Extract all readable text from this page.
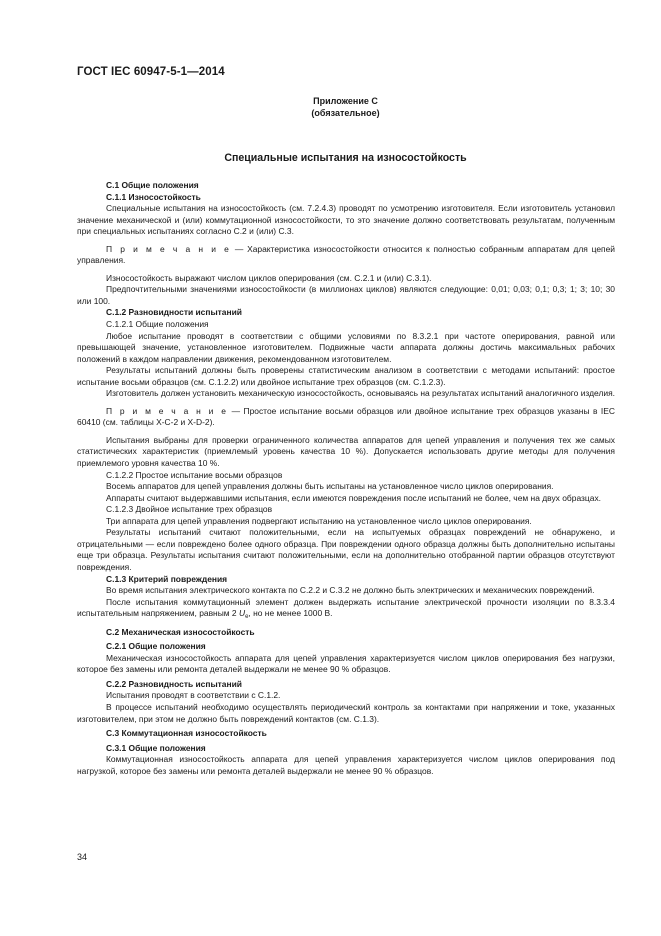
ГОСТ IEC 60947-5-1—2014
Приложение С
(обязательное)
Специальные испытания на износостойкость
С.1 Общие положения
С.1.1 Износостойкость

Специальные испытания на износостойкость (см. 7.2.4.3) проводят по усмотрению изготовителя. Если изготовитель установил значение механической и (или) коммутационной износостойкости, то это значение должно соответствовать результатам, полученным при специальных испытаниях согласно С.2 и (или) С.3.

П р и м е ч а н и е — Характеристика износостойкости относится к полностью собранным аппаратам для цепей управления.

Износостойкость выражают числом циклов оперирования (см. С.2.1 и (или) С.3.1).

Предпочтительными значениями износостойкости (в миллионах циклов) являются следующие: 0,01; 0,03; 0,1; 0,3; 1; 3; 10; 30 или 100.

С.1.2 Разновидности испытаний
С.1.2.1 Общие положения

Любое испытание проводят в соответствии с общими условиями по 8.3.2.1 при частоте оперирования, равной или превышающей значение, установленное изготовителем. Подвижные части аппарата должны достичь максимальных рабочих положений в каждом направлении движения, рекомендованном изготовителем.

Результаты испытаний должны быть проверены статистическим анализом в соответствии с методами испытаний: простое испытание восьми образцов (см. С.1.2.2) или двойное испытание трех образцов (см. С.1.2.3).

Изготовитель должен установить механическую износостойкость, основываясь на результатах испытаний аналогичного изделия.

П р и м е ч а н и е — Простое испытание восьми образцов или двойное испытание трех образцов указаны в IEC 60410 (см. таблицы X-C-2 и X-D-2).

Испытания выбраны для проверки ограниченного количества аппаратов для цепей управления и получения тех же самых статистических характеристик (приемлемый уровень качества 10 %). Допускается использовать другие методы для получения приемлемого уровня качества 10 %.

С.1.2.2 Простое испытание восьми образцов

Восемь аппаратов для цепей управления должны быть испытаны на установленное число циклов оперирования.

Аппараты считают выдержавшими испытания, если имеются повреждения после испытаний не более, чем на двух образцах.

С.1.2.3 Двойное испытание трех образцов

Три аппарата для цепей управления подвергают испытанию на установленное число циклов оперирования.

Результаты испытаний считают положительными, если на испытуемых образцах повреждений не обнаружено, и отрицательными — если повреждено более одного образца. При повреждении одного образца должны быть дополнительно испытаны еще три образца. Результаты испытания считают положительными, если на дополнительно отобранной партии образцов отсутствуют повреждения.

С.1.3 Критерий повреждения

Во время испытания электрического контакта по С.2.2 и С.3.2 не должно быть электрических и механических повреждений.

После испытания коммутационный элемент должен выдержать испытание электрической прочности изоляции по 8.3.3.4 испытательным напряжением, равным 2 $U_e$, но не менее 1000 В.

С.2 Механическая износостойкость
С.2.1 Общие положения

Механическая износостойкость аппарата для цепей управления характеризуется числом циклов оперирования без нагрузки, которое без замены или ремонта деталей выдержали не менее 90 % образцов.

С.2.2 Разновидность испытаний

Испытания проводят в соответствии с С.1.2.

В процессе испытаний необходимо осуществлять периодический контроль за контактами при напряжении и токе, указанных изготовителем, при этом не должно быть повреждений контактов (см. С.1.3).

С.3 Коммутационная износостойкость
С.3.1 Общие положения

Коммутационная износостойкость аппарата для цепей управления характеризуется числом циклов оперирования под нагрузкой, которое без замены или ремонта деталей выдержали не менее 90 % образцов.

34
